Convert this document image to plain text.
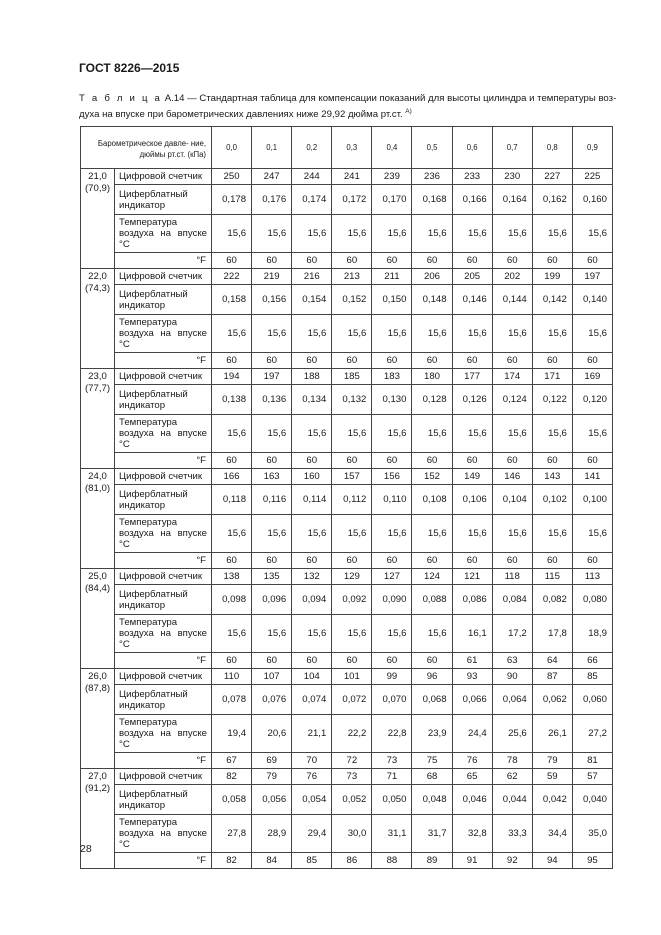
ГОСТ 8226—2015
Т а б л и ц а А.14 — Стандартная таблица для компенсации показаний для высоты цилиндра и температуры воз-
духа на впуске при барометрических давлениях ниже 29,92 дюйма рт.ст. $^{А)}$
Барометрическое давле- ние, дюймы рт.ст. (кПа)		0,0	0,1	0,2	0,3	0,4	0,5	0,6	0,7	0,8	0,9

21,0
(70,9)	Цифровой счетчик	250	247	244	241	239	236	233	230	227	225
	Циферблатный индикатор	0,178	0,176	0,174	0,172	0,170	0,168	0,166	0,164	0,162	0,160
	Температура воздуха на впуске °C	15,6	15,6	15,6	15,6	15,6	15,6	15,6	15,6	15,6	15,6
	°F	60	60	60	60	60	60	60	60	60	60

22,0
(74,3)	Цифровой счетчик	222	219	216	213	211	206	205	202	199	197
	Циферблатный индикатор	0,158	0,156	0,154	0,152	0,150	0,148	0,146	0,144	0,142	0,140
	Температура воздуха на впуске °C	15,6	15,6	15,6	15,6	15,6	15,6	15,6	15,6	15,6	15,6
	°F	60	60	60	60	60	60	60	60	60	60

23,0
(77,7)	Цифровой счетчик	194	197	188	185	183	180	177	174	171	169
	Циферблатный индикатор	0,138	0,136	0,134	0,132	0,130	0,128	0,126	0,124	0,122	0,120
	Температура воздуха на впуске °C	15,6	15,6	15,6	15,6	15,6	15,6	15,6	15,6	15,6	15,6
	°F	60	60	60	60	60	60	60	60	60	60

24,0
(81,0)	Цифровой счетчик	166	163	160	157	156	152	149	146	143	141
	Циферблатный индикатор	0,118	0,116	0,114	0,112	0,110	0,108	0,106	0,104	0,102	0,100
	Температура воздуха на впуске °C	15,6	15,6	15,6	15,6	15,6	15,6	15,6	15,6	15,6	15,6
	°F	60	60	60	60	60	60	60	60	60	60

25,0
(84,4)	Цифровой счетчик	138	135	132	129	127	124	121	118	115	113
	Циферблатный индикатор	0,098	0,096	0,094	0,092	0,090	0,088	0,086	0,084	0,082	0,080
	Температура воздуха на впуске °C	15,6	15,6	15,6	15,6	15,6	15,6	16,1	17,2	17,8	18,9
	°F	60	60	60	60	60	60	61	63	64	66

26,0
(87,8)	Цифровой счетчик	110	107	104	101	99	96	93	90	87	85
	Циферблатный индикатор	0,078	0,076	0,074	0,072	0,070	0,068	0,066	0,064	0,062	0,060
	Температура воздуха на впуске °C	19,4	20,6	21,1	22,2	22,8	23,9	24,4	25,6	26,1	27,2
	°F	67	69	70	72	73	75	76	78	79	81

27,0
(91,2)	Цифровой счетчик	82	79	76	73	71	68	65	62	59	57
	Циферблатный индикатор	0,058	0,056	0,054	0,052	0,050	0,048	0,046	0,044	0,042	0,040
	Температура воздуха на впуске °C	27,8	28,9	29,4	30,0	31,1	31,7	32,8	33,3	34,4	35,0
	°F	82	84	85	86	88	89	91	92	94	95
28
